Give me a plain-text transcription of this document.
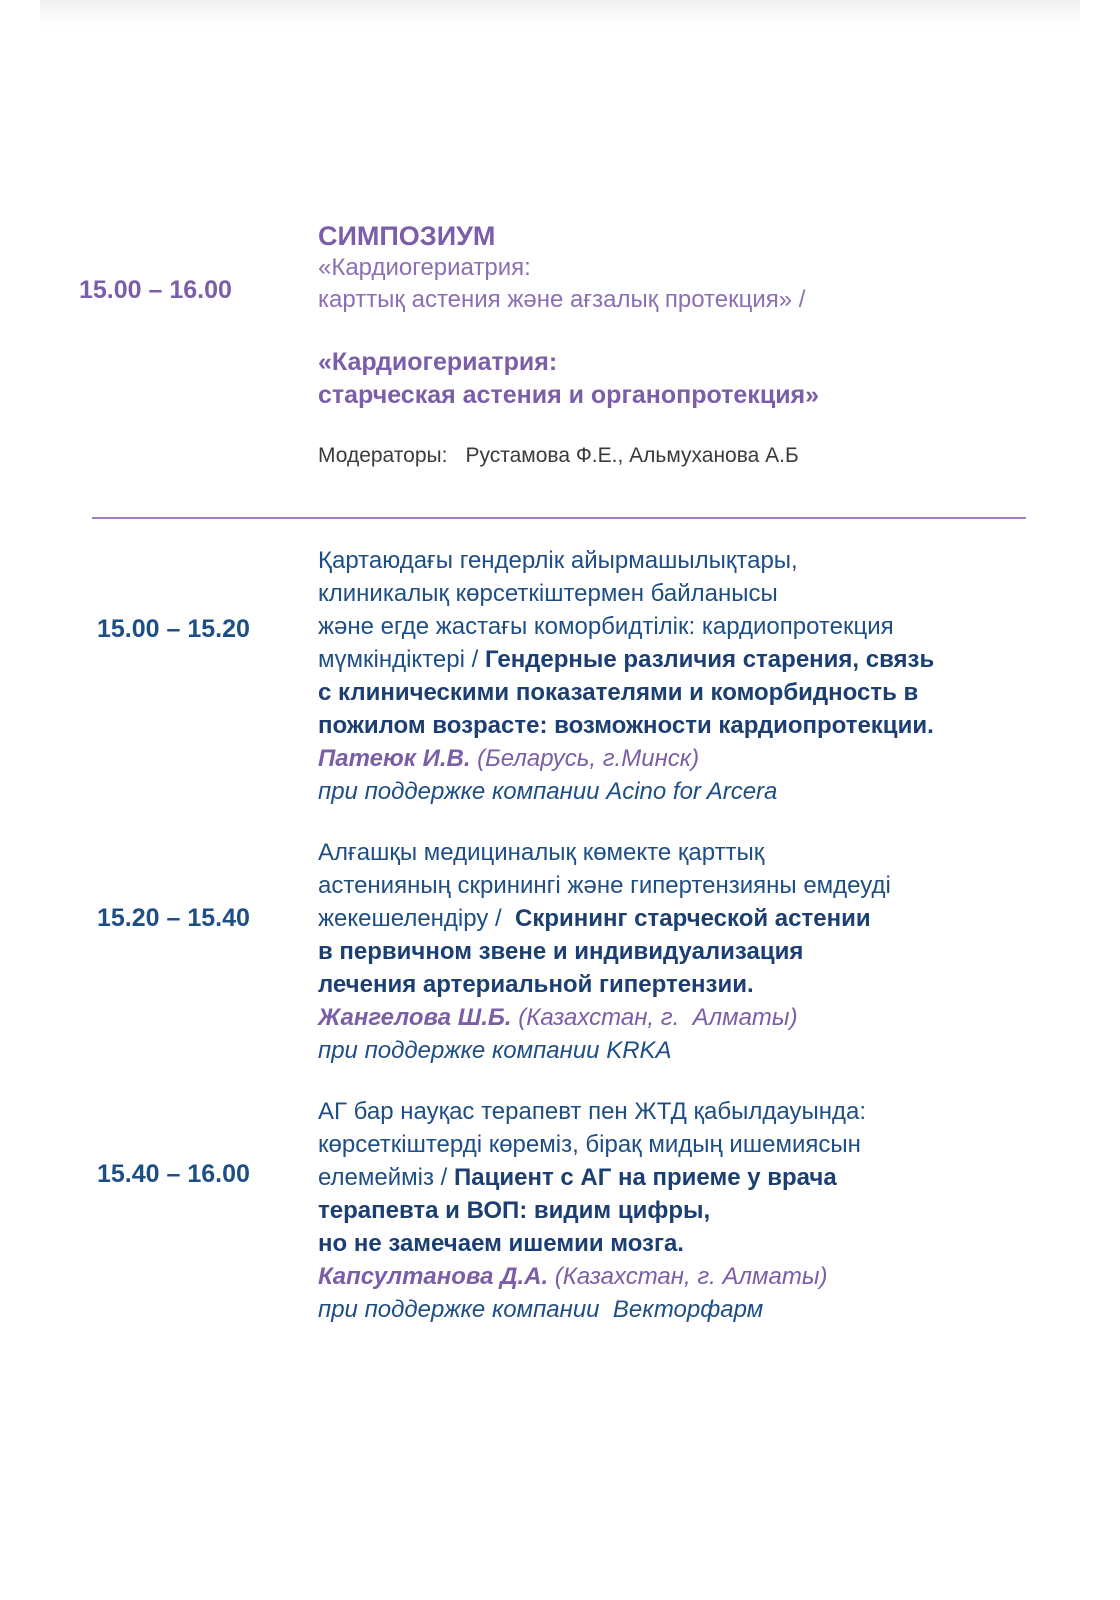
15.00 – 16.00
СИМПОЗИУМ
«Кардиогериатрия:
карттық астения және ағзалық протекция» /
«Кардиогериатрия:
старческая астения и органопротекция»
Модераторы: Рустамова Ф.Е., Альмуханова А.Б
15.00 – 15.20
Қартаюдағы гендерлік айырмашылықтары,
клиникалық көрсеткіштермен байланысы
және егде жастағы коморбидтілік: кардиопротекция
мүмкіндіктері / Гендерные различия старения, связь
с клиническими показателями и коморбидность в
пожилом возрасте: возможности кардиопротекции.
Патеюк И.В. (Беларусь, г.Минск)
при поддержке компании Acino for Arcera
15.20 – 15.40
Алғашқы медициналық көмекте қарттық
астенияның скринингі және гипертензияны емдеуді
жекешелендіру /  Скрининг старческой астении
в первичном звене и индивидуализация
лечения артериальной гипертензии.
Жангелова Ш.Б. (Казахстан, г.  Алматы)
при поддержке компании KRKA
15.40 – 16.00
АГ бар науқас терапевт пен ЖТД қабылдауында:
көрсеткіштерді көреміз, бірақ мидың ишемиясын
елемейміз / Пациент с АГ на приеме у врача
терапевта и ВОП: видим цифры,
но не замечаем ишемии мозга.
Капсултанова Д.А. (Казахстан, г. Алматы)
при поддержке компании  Векторфарм
